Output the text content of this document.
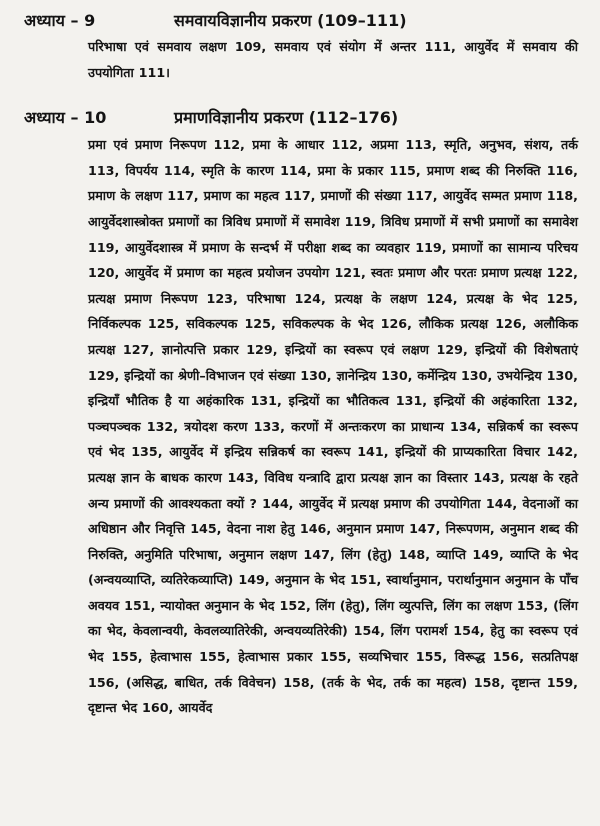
अध्याय – 9	समवायविज्ञानीय प्रकरण (109–111)
परिभाषा एवं समवाय लक्षण 109, समवाय एवं संयोग में अन्तर 111, आयुर्वेद में समवाय की उपयोगिता 111।
अध्याय – 10	प्रमाणविज्ञानीय प्रकरण (112–176)
प्रमा एवं प्रमाण निरूपण 112, प्रमा के आधार 112, अप्रमा 113, स्मृति, अनुभव, संशय, तर्क 113, विपर्यय 114, स्मृति के कारण 114, प्रमा के प्रकार 115, प्रमाण शब्द की निरुक्ति 116, प्रमाण के लक्षण 117, प्रमाण का महत्व 117, प्रमाणों की संख्या 117, आयुर्वेद सम्मत प्रमाण 118, आयुर्वेदशास्त्रोक्त प्रमाणों का त्रिविध प्रमाणों में समावेश 119, त्रिविध प्रमाणों में सभी प्रमाणों का समावेश 119, आयुर्वेदशास्त्र में प्रमाण के सन्दर्भ में परीक्षा शब्द का व्यवहार 119, प्रमाणों का सामान्य परिचय 120, आयुर्वेद में प्रमाण का महत्व प्रयोजन उपयोग 121, स्वतः प्रमाण और परतः प्रमाण प्रत्यक्ष 122, प्रत्यक्ष प्रमाण निरूपण 123, परिभाषा 124, प्रत्यक्ष के लक्षण 124, प्रत्यक्ष के भेद 125, निर्विकल्पक 125, सविकल्पक 125, सविकल्पक के भेद 126, लौकिक प्रत्यक्ष 126, अलौकिक प्रत्यक्ष 127, ज्ञानोत्पत्ति प्रकार 129, इन्द्रियों का स्वरूप एवं लक्षण 129, इन्द्रियों की विशेषताएं 129, इन्द्रियों का श्रेणी–विभाजन एवं संख्या 130, ज्ञानेन्द्रिय 130, कर्मेन्द्रिय 130, उभयेन्द्रिय 130, इन्द्रियाँ भौतिक है या अहंकारिक 131, इन्द्रियों का भौतिकत्व 131, इन्द्रियों की अहंकारिता 132, पञ्चपञ्चक 132, त्रयोदश करण 133, करणों में अन्तःकरण का प्राधान्य 134, सन्निकर्ष का स्वरूप एवं भेद 135, आयुर्वेद में इन्द्रिय सन्निकर्ष का स्वरूप 141, इन्द्रियों की प्राप्यकारिता विचार 142, प्रत्यक्ष ज्ञान के बाधक कारण 143, विविध यन्त्रादि द्वारा प्रत्यक्ष ज्ञान का विस्तार 143, प्रत्यक्ष के रहते अन्य प्रमाणों की आवश्यकता क्यों ? 144, आयुर्वेद में प्रत्यक्ष प्रमाण की उपयोगिता 144, वेदनाओं का अधिष्ठान और निवृत्ति 145, वेदना नाश हेतु 146, अनुमान प्रमाण 147, निरूपणम, अनुमान शब्द की निरुक्ति, अनुमिति परिभाषा, अनुमान लक्षण 147, लिंग (हेतु) 148, व्याप्ति 149, व्याप्ति के भेद (अन्वयव्याप्ति, व्यतिरेकव्याप्ति) 149, अनुमान के भेद 151, स्वार्थानुमान, परार्थानुमान अनुमान के पाँच अवयव 151, न्यायोक्त अनुमान के भेद 152, लिंग (हेतु), लिंग व्युत्पत्ति, लिंग का लक्षण 153, (लिंग का भेद, केवलान्वयी, केवलव्यातिरेकी, अन्वयव्यतिरेकी) 154, लिंग परामर्श 154, हेतु का स्वरूप एवं भेद 155, हेत्वाभास 155, हेत्वाभास प्रकार 155, सव्यभिचार 155, विरूद्ध 156, सत्प्रतिपक्ष 156, (असिद्ध, बाधित, तर्क विवेचन) 158, (तर्क के भेद, तर्क का महत्व) 158, दृष्टान्त 159, दृष्टान्त भेद 160, आयर्वेद
